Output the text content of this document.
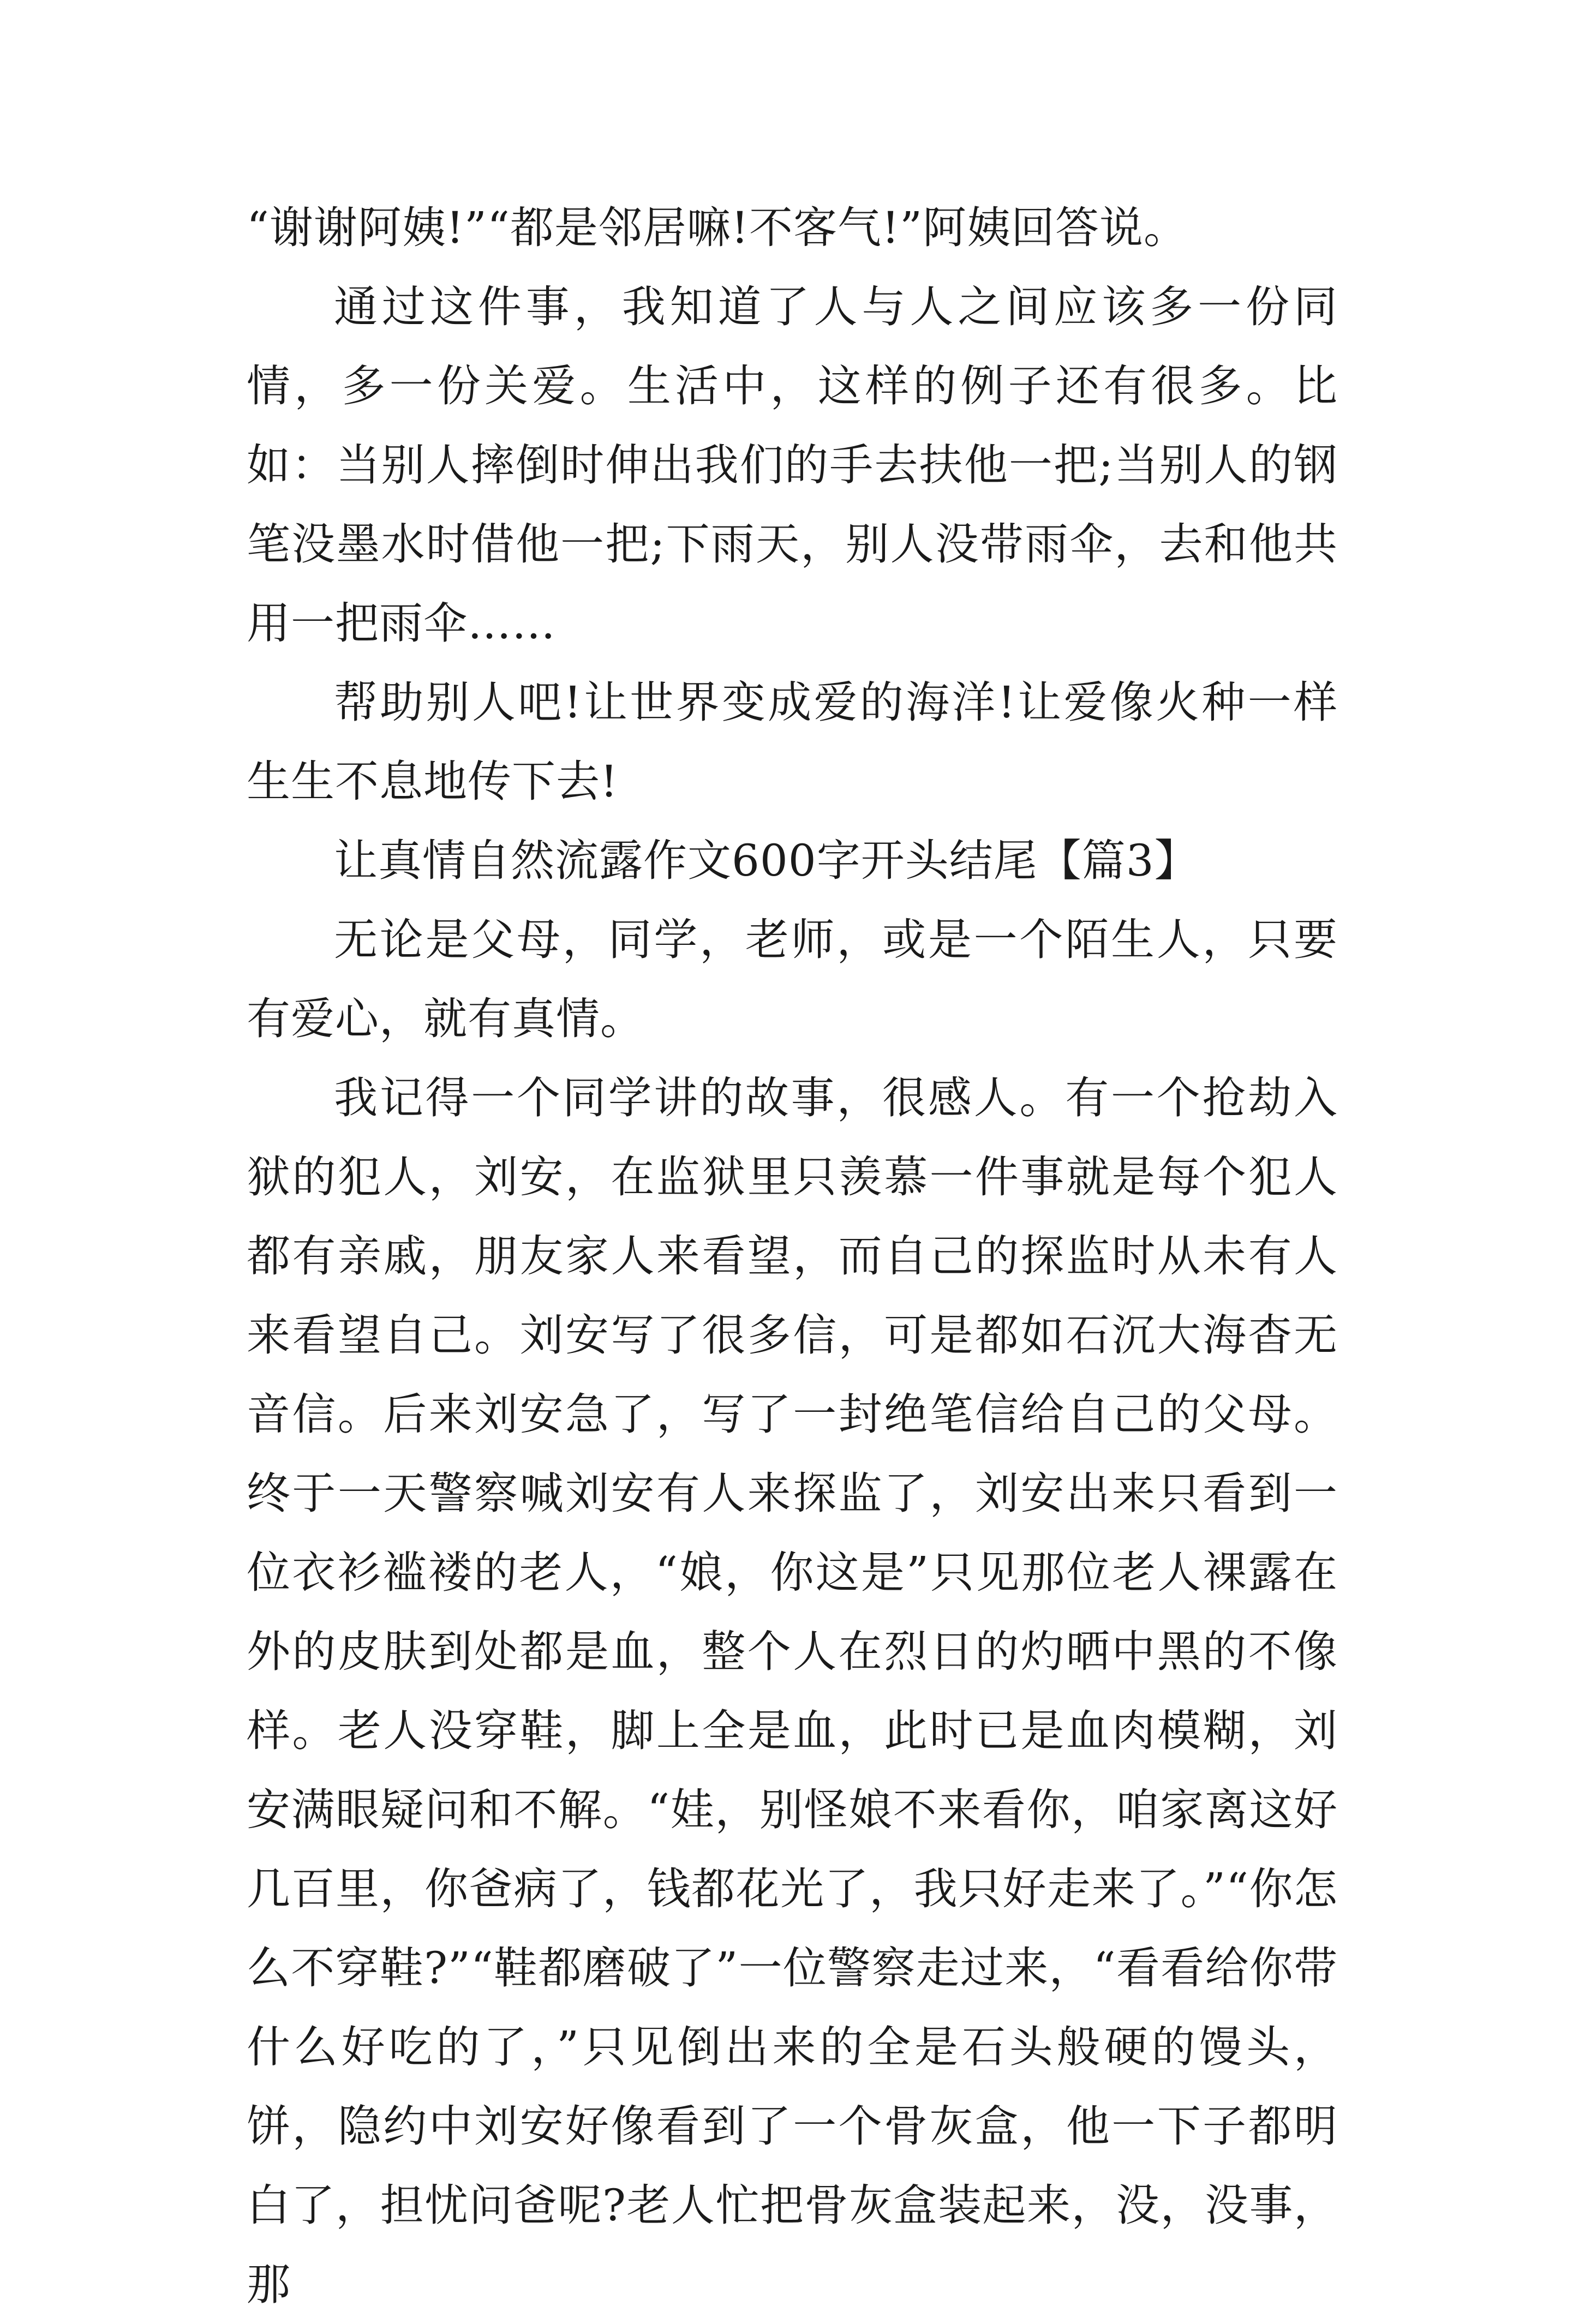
“谢谢阿姨!”“都是邻居嘛!不客气!”阿姨回答说。

通过这件事，我知道了人与人之间应该多一份同情，多一份关爱。生活中，这样的例子还有很多。比如：当别人摔倒时伸出我们的手去扶他一把;当别人的钢笔没墨水时借他一把;下雨天，别人没带雨伞，去和他共用一把雨伞……

帮助别人吧!让世界变成爱的海洋!让爱像火种一样生生不息地传下去!

让真情自然流露作文600字开头结尾【篇3】

无论是父母，同学，老师，或是一个陌生人，只要有爱心，就有真情。

我记得一个同学讲的故事，很感人。有一个抢劫入狱的犯人，刘安，在监狱里只羡慕一件事就是每个犯人都有亲戚，朋友家人来看望，而自己的探监时从未有人来看望自己。刘安写了很多信，可是都如石沉大海杳无音信。后来刘安急了，写了一封绝笔信给自己的父母。终于一天警察喊刘安有人来探监了，刘安出来只看到一位衣衫褴褛的老人，“娘，你这是”只见那位老人裸露在外的皮肤到处都是血，整个人在烈日的灼晒中黑的不像样。老人没穿鞋，脚上全是血，此时已是血肉模糊，刘安满眼疑问和不解。“娃，别怪娘不来看你，咱家离这好几百里，你爸病了，钱都花光了，我只好走来了。”“你怎么不穿鞋?”“鞋都磨破了”一位警察走过来，“看看给你带什么好吃的了，”只见倒出来的全是石头般硬的馒头，饼，隐约中刘安好像看到了一个骨灰盒，他一下子都明白了，担忧问爸呢?老人忙把骨灰盒装起来，没，没事，那
